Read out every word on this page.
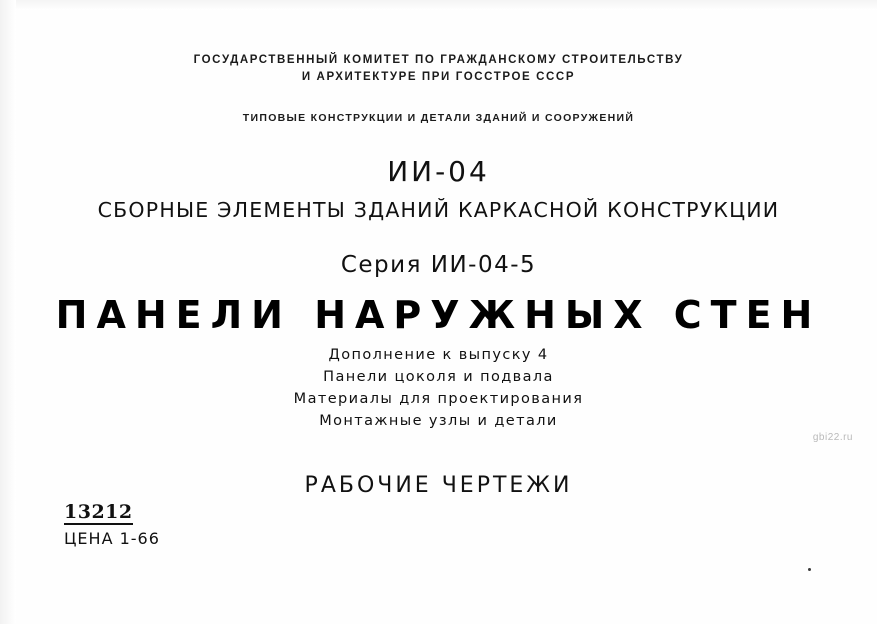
ГОСУДАРСТВЕННЫЙ КОМИТЕТ ПО ГРАЖДАНСКОМУ СТРОИТЕЛЬСТВУ
И АРХИТЕКТУРЕ ПРИ ГОССТРОЕ СССР
ТИПОВЫЕ КОНСТРУКЦИИ И ДЕТАЛИ ЗДАНИЙ И СООРУЖЕНИЙ
ИИ-04
СБОРНЫЕ ЭЛЕМЕНТЫ ЗДАНИЙ КАРКАСНОЙ КОНСТРУКЦИИ
Серия ИИ-04-5
ПАНЕЛИ НАРУЖНЫХ СТЕН
Дополнение к выпуску 4
Панели цоколя и подвала
Материалы для проектирования
Монтажные узлы и детали
РАБОЧИЕ ЧЕРТЕЖИ
13212
ЦЕНА 1-66
gbi22.ru
